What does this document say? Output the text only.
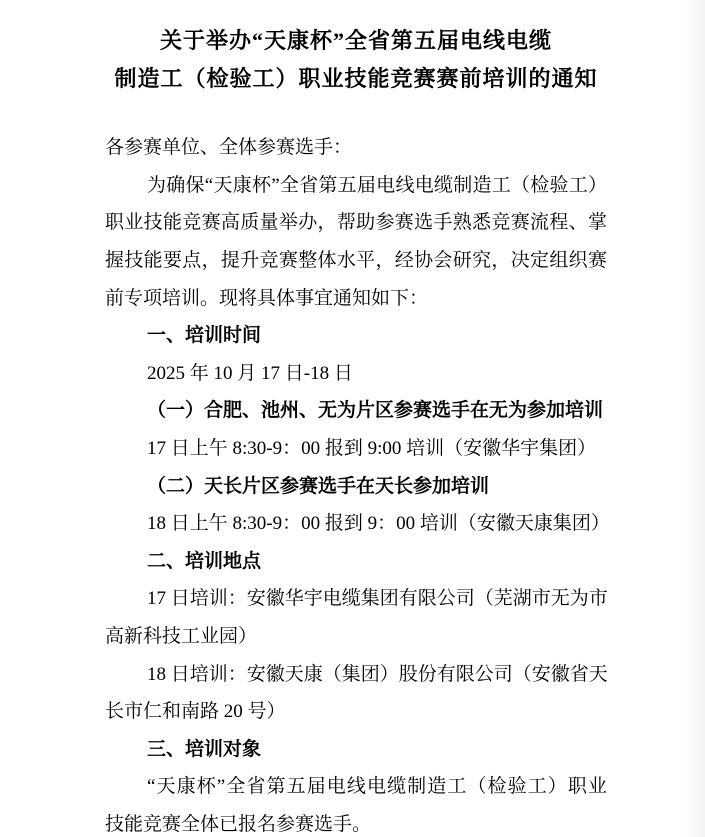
关于举办“天康杯”全省第五届电线电缆
制造工（检验工）职业技能竞赛赛前培训的通知
各参赛单位、全体参赛选手：
为确保“天康杯”全省第五届电线电缆制造工（检验工）
职业技能竞赛高质量举办，帮助参赛选手熟悉竞赛流程、掌
握技能要点，提升竞赛整体水平，经协会研究，决定组织赛
前专项培训。现将具体事宜通知如下：
一、培训时间
2025 年 10 月 17 日-18 日
（一）合肥、池州、无为片区参赛选手在无为参加培训
17 日上午 8:30-9：00 报到 9:00 培训（安徽华宇集团）
（二）天长片区参赛选手在天长参加培训
18 日上午 8:30-9：00 报到 9：00 培训（安徽天康集团）
二、培训地点
17 日培训：安徽华宇电缆集团有限公司（芜湖市无为市
高新科技工业园）
18 日培训：安徽天康（集团）股份有限公司（安徽省天
长市仁和南路 20 号）
三、培训对象
“天康杯”全省第五届电线电缆制造工（检验工）职业
技能竞赛全体已报名参赛选手。
